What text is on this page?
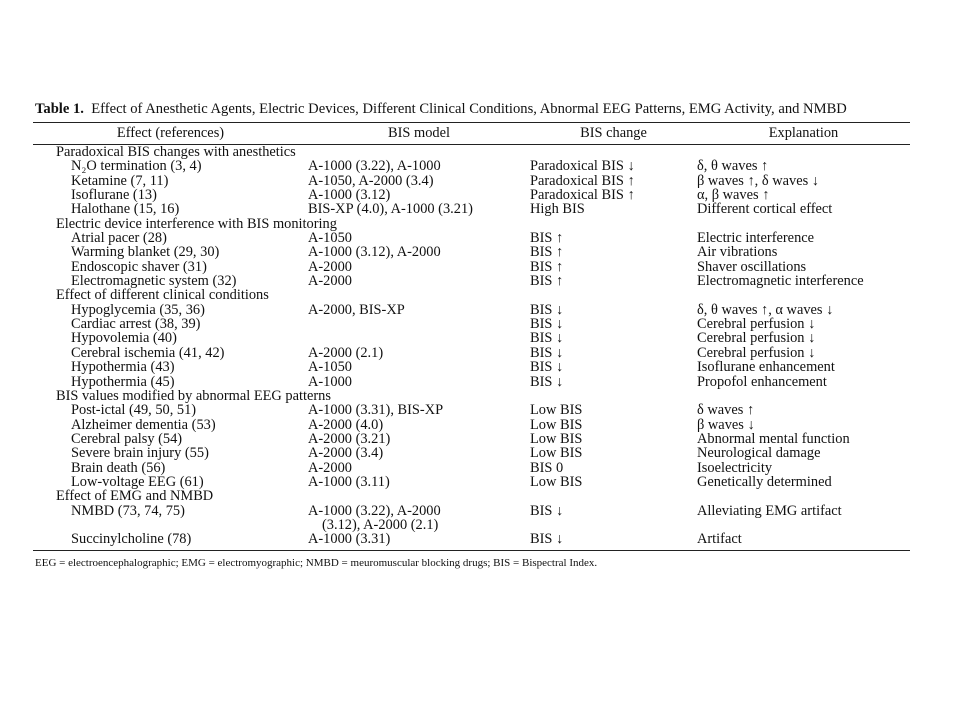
Table 1. Effect of Anesthetic Agents, Electric Devices, Different Clinical Conditions, Abnormal EEG Patterns, EMG Activity, and NMBD
Effect (references)	BIS model	BIS change	Explanation
Paradoxical BIS changes with anesthetics			
N₂O termination (3, 4)	A-1000 (3.22), A-1000	Paradoxical BIS ↓	δ, θ waves ↑
Ketamine (7, 11)	A-1050, A-2000 (3.4)	Paradoxical BIS ↑	β waves ↑, δ waves ↓
Isoflurane (13)	A-1000 (3.12)	Paradoxical BIS ↑	α, β waves ↑
Halothane (15, 16)	BIS-XP (4.0), A-1000 (3.21)	High BIS	Different cortical effect
Electric device interference with BIS monitoring			
Atrial pacer (28)	A-1050	BIS ↑	Electric interference
Warming blanket (29, 30)	A-1000 (3.12), A-2000	BIS ↑	Air vibrations
Endoscopic shaver (31)	A-2000	BIS ↑	Shaver oscillations
Electromagnetic system (32)	A-2000	BIS ↑	Electromagnetic interference
Effect of different clinical conditions			
Hypoglycemia (35, 36)	A-2000, BIS-XP	BIS ↓	δ, θ waves ↑, α waves ↓
Cardiac arrest (38, 39)		BIS ↓	Cerebral perfusion ↓
Hypovolemia (40)		BIS ↓	Cerebral perfusion ↓
Cerebral ischemia (41, 42)	A-2000 (2.1)	BIS ↓	Cerebral perfusion ↓
Hypothermia (43)	A-1050	BIS ↓	Isoflurane enhancement
Hypothermia (45)	A-1000	BIS ↓	Propofol enhancement
BIS values modified by abnormal EEG patterns			
Post-ictal (49, 50, 51)	A-1000 (3.31), BIS-XP	Low BIS	δ waves ↑
Alzheimer dementia (53)	A-2000 (4.0)	Low BIS	β waves ↓
Cerebral palsy (54)	A-2000 (3.21)	Low BIS	Abnormal mental function
Severe brain injury (55)	A-2000 (3.4)	Low BIS	Neurological damage
Brain death (56)	A-2000	BIS 0	Isoelectricity
Low-voltage EEG (61)	A-1000 (3.11)	Low BIS	Genetically determined
Effect of EMG and NMBD			
NMBD (73, 74, 75)	A-1000 (3.22), A-2000	BIS ↓	Alleviating EMG artifact
	(3.12), A-2000 (2.1)		
Succinylcholine (78)	A-1000 (3.31)	BIS ↓	Artifact
EEG = electroencephalographic; EMG = electromyographic; NMBD = meuromuscular blocking drugs; BIS = Bispectral Index.
